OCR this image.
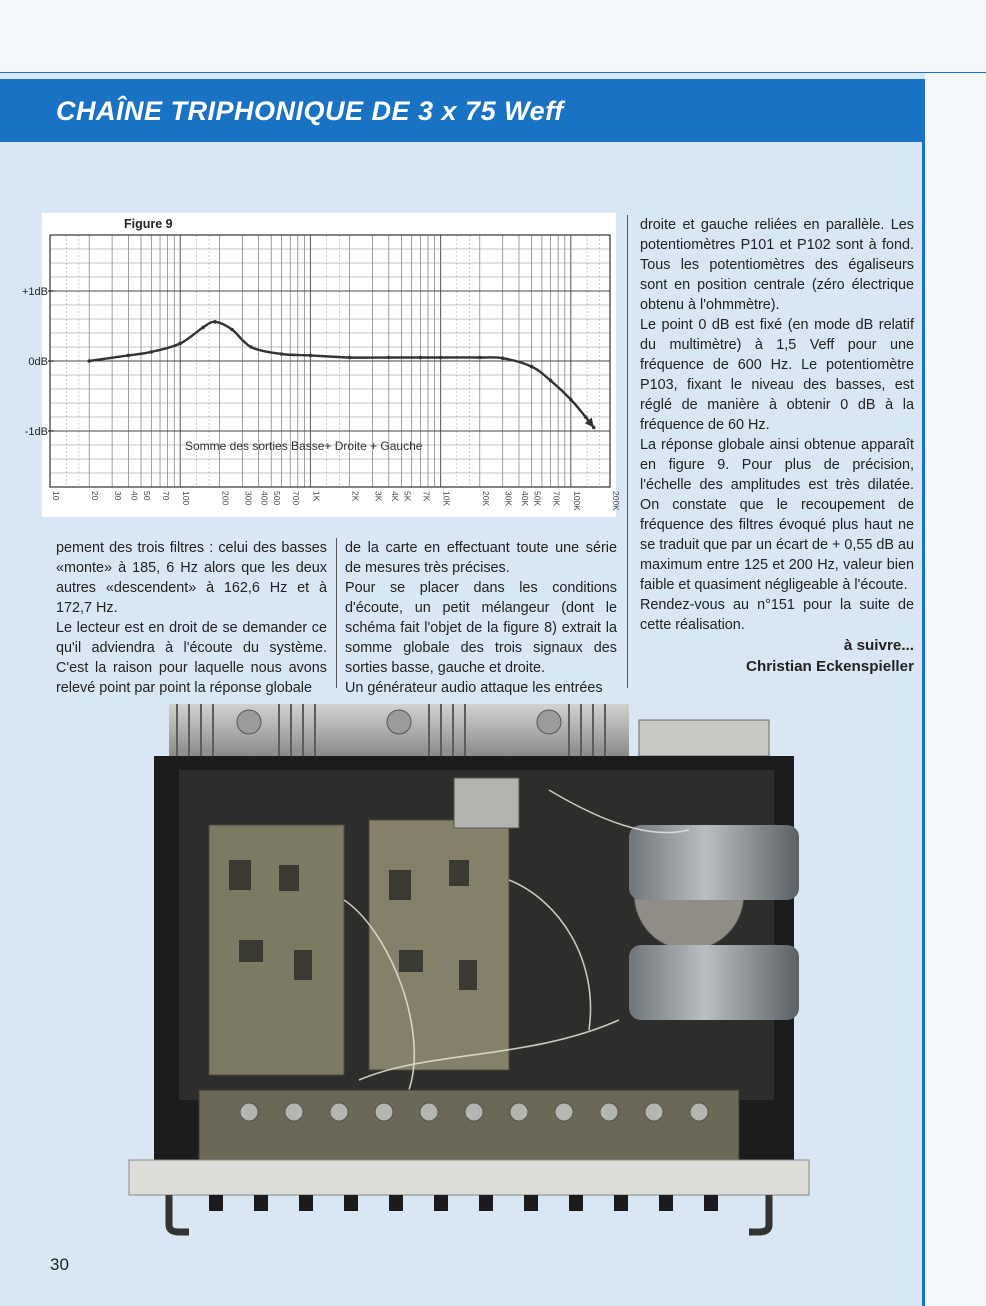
CHAÎNE TRIPHONIQUE DE 3 x 75 Weff
+1dB
0dB
-1dB
10	20 30 40 50 70 100	200 300 400 500 700 1K	2K 3K 4K 5K 7K 10K	20K 30K 40K 50K 70K 100K	200K
Figure 9
Somme des sorties Basse+ Droite + Gauche

pement des trois filtres : celui des basses «monte» à 185, 6 Hz alors que les deux autres «descendent» à 162,6 Hz et à 172,7 Hz.

Le lecteur est en droit de se demander ce qu'il adviendra à l'écoute du système. C'est la raison pour laquelle nous avons relevé point par point la réponse globale

de la carte en effectuant toute une série de mesures très précises.

Pour se placer dans les conditions d'écoute, un petit mélangeur (dont le schéma fait l'objet de la figure 8) extrait la somme globale des trois signaux des sorties basse, gauche et droite.

Un générateur audio attaque les entrées

droite et gauche reliées en parallèle. Les potentiomètres P101 et P102 sont à fond. Tous les potentiomètres des égaliseurs sont en position centrale (zéro électrique obtenu à l'ohmmètre).

Le point 0 dB est fixé (en mode dB relatif du multimètre) à 1,5 Veff pour une fréquence de 600 Hz. Le potentiomètre P103, fixant le niveau des basses, est réglé de manière à obtenir 0 dB à la fréquence de 60 Hz.

La réponse globale ainsi obtenue apparaît en figure 9. Pour plus de précision, l'échelle des amplitudes est très dilatée. On constate que le recoupement de fréquence des filtres évoqué plus haut ne se traduit que par un écart de + 0,55 dB au maximum entre 125 et 200 Hz, valeur bien faible et quasiment négligeable à l'écoute.

Rendez-vous au n°151 pour la suite de cette réalisation.

à suivre...

Christian Eckenspieller

30
